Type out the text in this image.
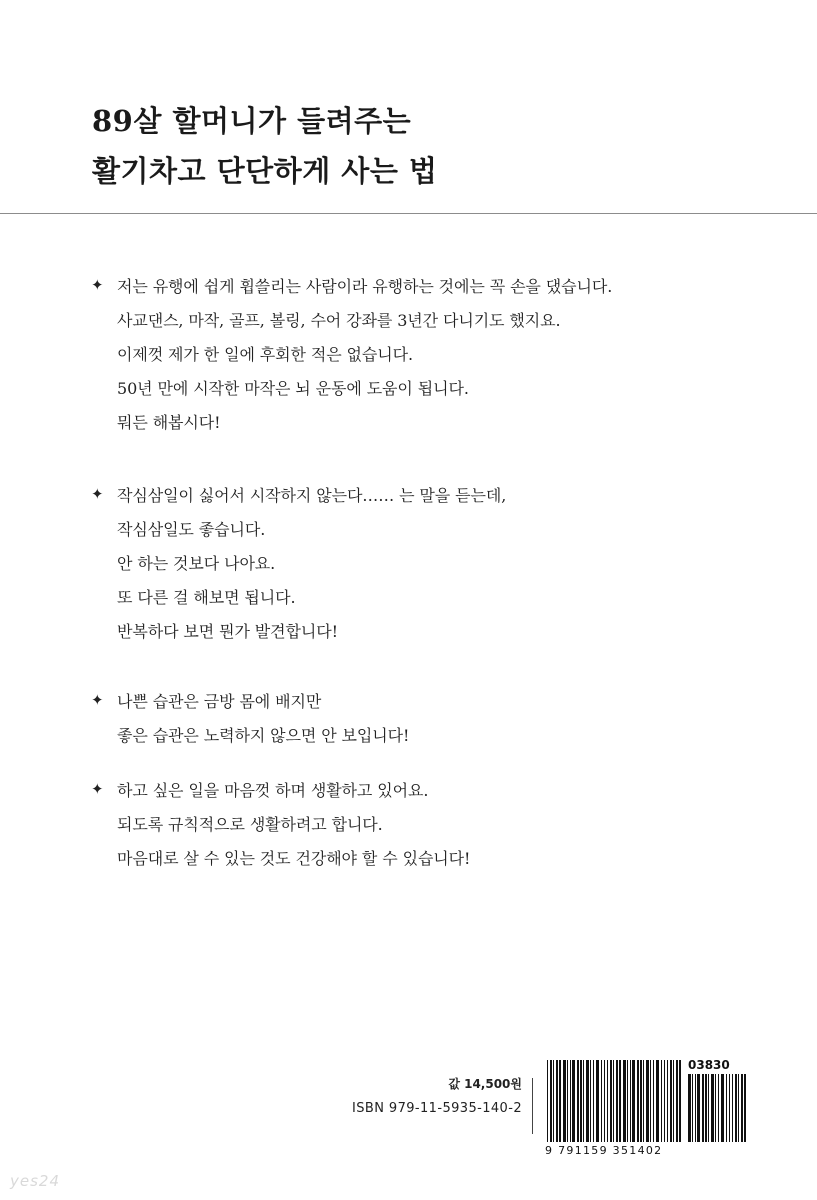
89살 할머니가 들려주는
활기차고 단단하게 사는 법
✦ 저는 유행에 쉽게 휩쓸리는 사람이라 유행하는 것에는 꼭 손을 댔습니다.
사교댄스, 마작, 골프, 볼링, 수어 강좌를 3년간 다니기도 했지요.
이제껏 제가 한 일에 후회한 적은 없습니다.
50년 만에 시작한 마작은 뇌 운동에 도움이 됩니다.
뭐든 해봅시다!
✦ 작심삼일이 싫어서 시작하지 않는다…… 는 말을 듣는데,
작심삼일도 좋습니다.
안 하는 것보다 나아요.
또 다른 걸 해보면 됩니다.
반복하다 보면 뭔가 발견합니다!
✦ 나쁜 습관은 금방 몸에 배지만
좋은 습관은 노력하지 않으면 안 보입니다!
✦ 하고 싶은 일을 마음껏 하며 생활하고 있어요.
되도록 규칙적으로 생활하려고 합니다.
마음대로 살 수 있는 것도 건강해야 할 수 있습니다!
값 14,500원
ISBN 979-11-5935-140-2
03830
9 791159 351402
yes24
